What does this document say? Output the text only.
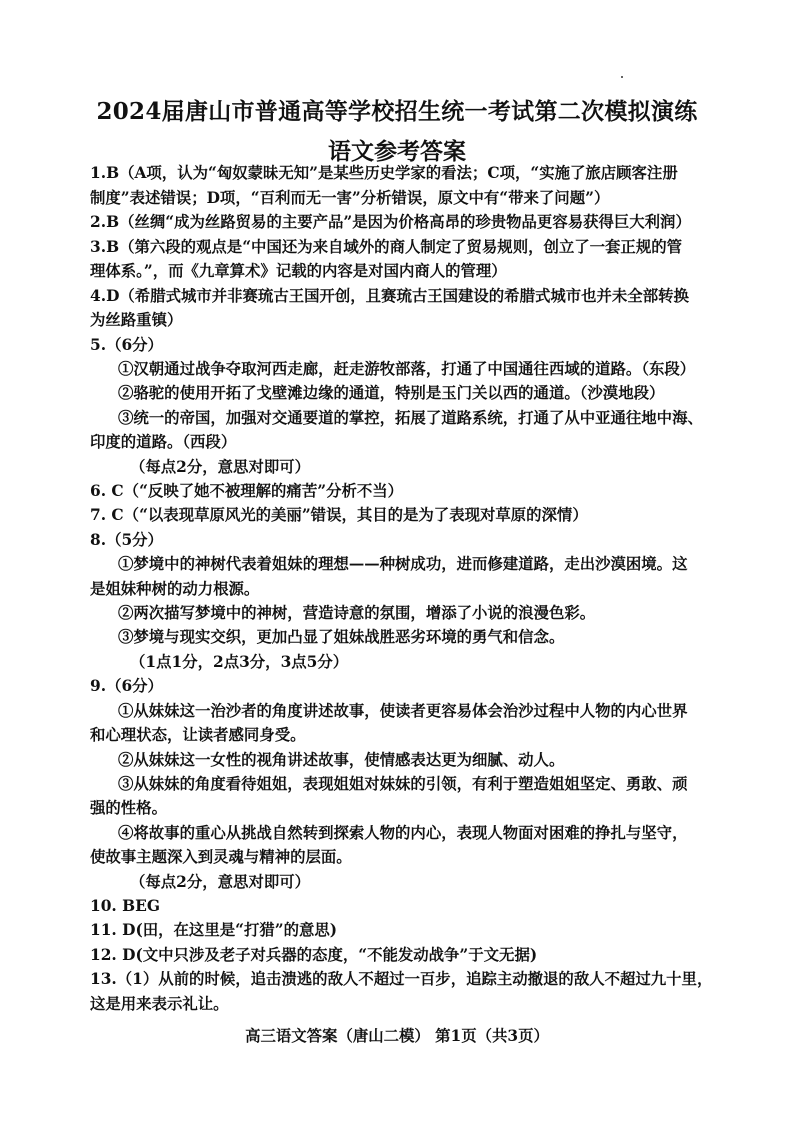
2024届唐山市普通高等学校招生统一考试第二次模拟演练
语文参考答案
1.B（A项，认为“匈奴蒙昧无知”是某些历史学家的看法；C项，“实施了旅店顾客注册
制度”表述错误；D项，“百利而无一害”分析错误，原文中有“带来了问题”）
2.B（丝绸“成为丝路贸易的主要产品”是因为价格高昂的珍贵物品更容易获得巨大利润）
3.B（第六段的观点是“中国还为来自域外的商人制定了贸易规则，创立了一套正规的管
理体系。”，而《九章算术》记载的内容是对国内商人的管理）
4.D（希腊式城市并非赛琉古王国开创，且赛琉古王国建设的希腊式城市也并未全部转换
为丝路重镇）
5.（6分）
①汉朝通过战争夺取河西走廊，赶走游牧部落，打通了中国通往西域的道路。（东段）
②骆驼的使用开拓了戈壁滩边缘的通道，特别是玉门关以西的通道。（沙漠地段）
③统一的帝国，加强对交通要道的掌控，拓展了道路系统，打通了从中亚通往地中海、
印度的道路。（西段）
（每点2分，意思对即可）
6. C（“反映了她不被理解的痛苦”分析不当）
7. C（“以表现草原风光的美丽”错误，其目的是为了表现对草原的深情）
8.（5分）
①梦境中的神树代表着姐妹的理想——种树成功，进而修建道路，走出沙漠困境。这
是姐妹种树的动力根源。
②两次描写梦境中的神树，营造诗意的氛围，增添了小说的浪漫色彩。
③梦境与现实交织，更加凸显了姐妹战胜恶劣环境的勇气和信念。
（1点1分，2点3分，3点5分）
9.（6分）
①从妹妹这一治沙者的角度讲述故事，使读者更容易体会治沙过程中人物的内心世界
和心理状态，让读者感同身受。
②从妹妹这一女性的视角讲述故事，使情感表达更为细腻、动人。
③从妹妹的角度看待姐姐，表现姐姐对妹妹的引领，有利于塑造姐姐坚定、勇敢、顽
强的性格。
④将故事的重心从挑战自然转到探索人物的内心，表现人物面对困难的挣扎与坚守，
使故事主题深入到灵魂与精神的层面。
（每点2分，意思对即可）
10. BEG
11. D(田，在这里是“打猎”的意思)
12. D(文中只涉及老子对兵器的态度，“不能发动战争”于文无据)
13.（1）从前的时候，追击溃逃的敌人不超过一百步，追踪主动撤退的敌人不超过九十里，
这是用来表示礼让。
高三语文答案（唐山二模） 第1页（共3页）
